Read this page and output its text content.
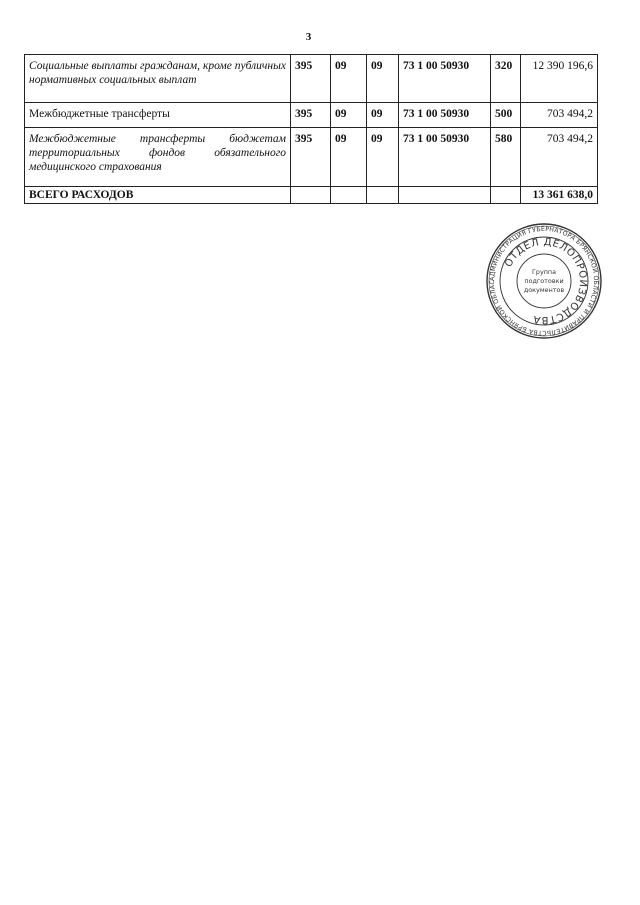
3
Социальные выплаты гражданам, кроме публичных нормативных социальных выплат	395	09	09	73 1 00 50930	320	12 390 196,6
Межбюджетные трансферты	395	09	09	73 1 00 50930	500	703 494,2
Межбюджетные трансферты бюджетам территориальных фондов обязательного медицинского страхования	395	09	09	73 1 00 50930	580	703 494,2
ВСЕГО РАСХОДОВ						13 361 638,0
АДМИНИСТРАЦИЯ ГУБЕРНАТОРА БРЯНСКОЙ ОБЛАСТИ И ПРАВИТЕЛЬСТВА БРЯНСКОЙ ОБЛАС
ОТДЕЛ ДЕЛОПРОИЗВОДСТВА
Группа
подготовки
документов
